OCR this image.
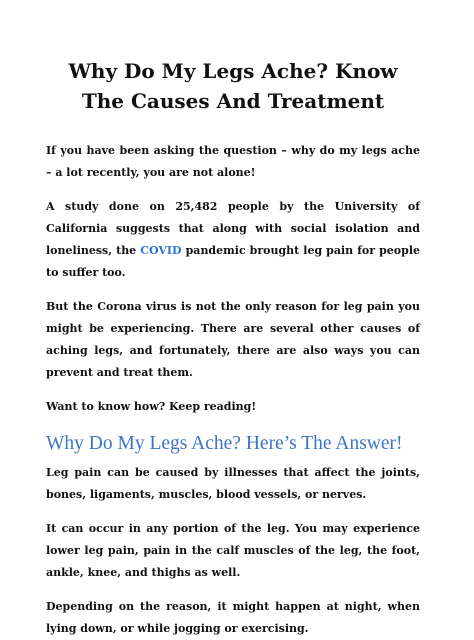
Why Do My Legs Ache? Know The Causes And Treatment

If you have been asking the question – why do my legs ache – a lot recently, you are not alone!

A study done on 25,482 people by the University of California suggests that along with social isolation and loneliness, the COVID pandemic brought leg pain for people to suffer too.

But the Corona virus is not the only reason for leg pain you might be experiencing. There are several other causes of aching legs, and fortunately, there are also ways you can prevent and treat them.

Want to know how? Keep reading!

Why Do My Legs Ache? Here’s The Answer!

Leg pain can be caused by illnesses that affect the joints, bones, ligaments, muscles, blood vessels, or nerves.

It can occur in any portion of the leg. You may experience lower leg pain, pain in the calf muscles of the leg, the foot, ankle, knee, and thighs as well.

Depending on the reason, it might happen at night, when lying down, or while jogging or exercising.
